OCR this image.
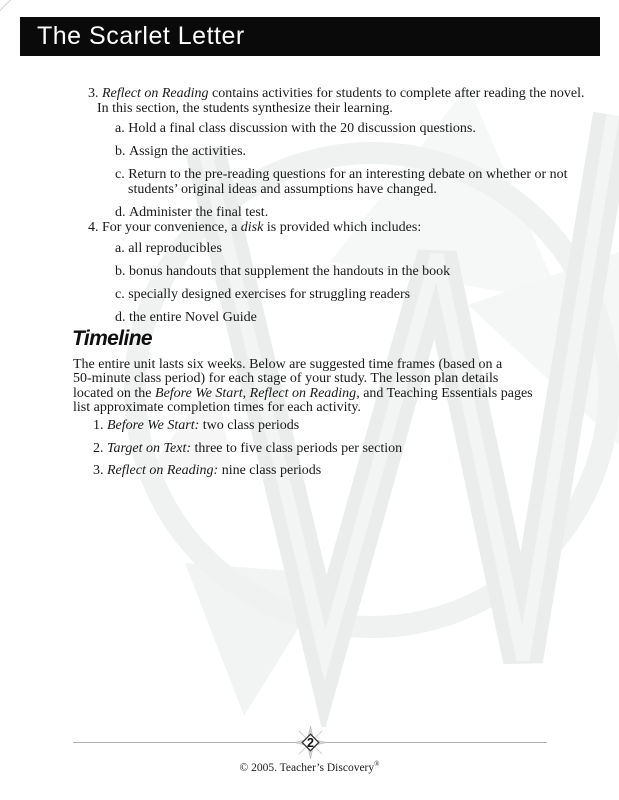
The Scarlet Letter
3. Reflect on Reading contains activities for students to complete after reading the novel.
In this section, the students synthesize their learning.
a. Hold a final class discussion with the 20 discussion questions.
b. Assign the activities.
c. Return to the pre-reading questions for an interesting debate on whether or not
students’ original ideas and assumptions have changed.
d. Administer the final test.
4. For your convenience, a disk is provided which includes:
a. all reproducibles
b. bonus handouts that supplement the handouts in the book
c. specially designed exercises for struggling readers
d. the entire Novel Guide
Timeline
The entire unit lasts six weeks. Below are suggested time frames (based on a
50-minute class period) for each stage of your study. The lesson plan details
located on the Before We Start, Reflect on Reading, and Teaching Essentials pages
list approximate completion times for each activity.
1. Before We Start: two class periods
2. Target on Text: three to five class periods per section
3. Reflect on Reading: nine class periods
2
© 2005. Teacher’s Discovery®
